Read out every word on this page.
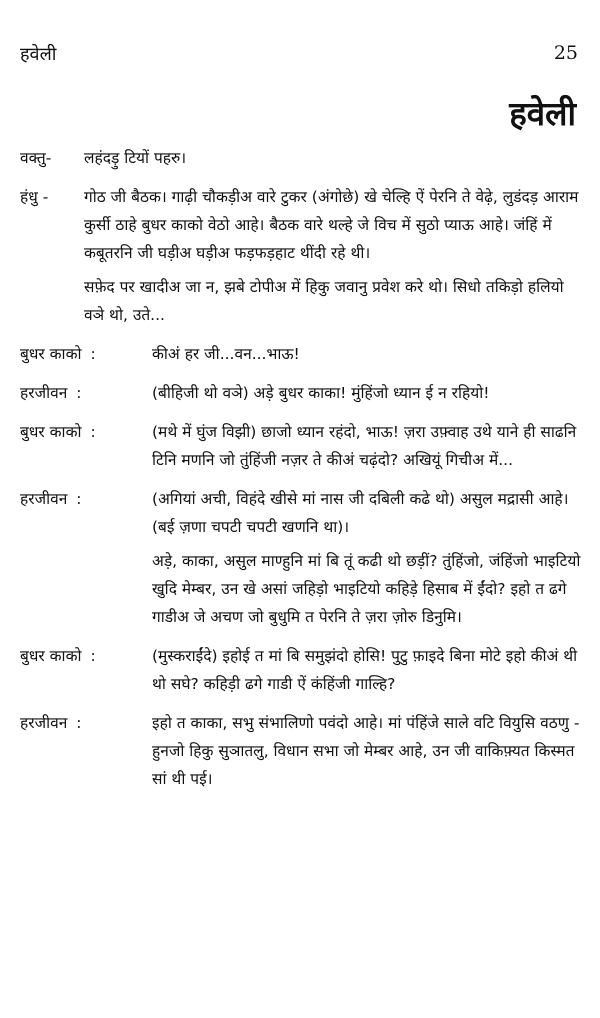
हवेली	25
हवेली
वक्तु-	लहंदड़ु टियों पहरु।

हंधु -	गोठ जी बैठक। गाढ़ी चौकड़ीअ वारे टुकर (अंगोछे) खे चेल्हि ऐं पेरनि ते वेढ़े, लुडंदड़ आराम कुर्सी ठाहे बुधर काको वेठो आहे। बैठक वारे थल्हे जे विच में सुठो प्याऊ आहे। जंहिं में कबूतरनि जी घड़ीअ घड़ीअ फड़फड़हाट थींदी रहे थी।

सफ़ेद पर खादीअ जा न, झबे टोपीअ में हिकु जवानु प्रवेश करे थो। सिधो तकिड़ो हलियो वञे थो, उते...

बुधर काको :	कीअं हर जी...वन...भाऊ!

हरजीवन :	(बीहिजी थो वञे) अड़े बुधर काका! मुंहिंजो ध्यान ई न रहियो!

बुधर काको :	(मथे में घुंज विझी) छाजो ध्यान रहंदो, भाऊ! ज़रा उफ़्वाह उथे याने ही साढनि टिनि मणनि जो तुंहिंजी नज़र ते कीअं चढ़ंदो? अखियूं गिचीअ में...

हरजीवन :	(अगियां अची, विहंदे खीसे मां नास जी दबिली कढे थो) असुल मद्रासी आहे। (बई ज़णा चपटी चपटी खणनि था)।

अड़े, काका, असुल माण्हुनि मां बि तूं कढी थो छड़ीं? तुंहिंजो, जंहिंजो भाइटियो खुदि मेम्बर, उन खे असां जहिड़ो भाइटियो कहिड़े हिसाब में ईंदो? इहो त ढगे गाडीअ जे अचण जो बुधुमि त पेरनि ते ज़रा ज़ोरु डिनुमि।

बुधर काको :	(मुस्कराईंदे) इहोई त मां बि समुझंदो होसि! पुटु फ़ाइदे बिना मोटे इहो कीअं थी थो सघे? कहिड़ी ढगे गाडी ऐं कंहिंजी गाल्हि?

हरजीवन :	इहो त काका, सभु संभालिणो पवंदो आहे। मां पंहिंजे साले वटि वियुसि वठणु - हुनजो हिकु सुञातलु, विधान सभा जो मेम्बर आहे, उन जी वाकिफ़्यत किस्मत सां थी पई।
